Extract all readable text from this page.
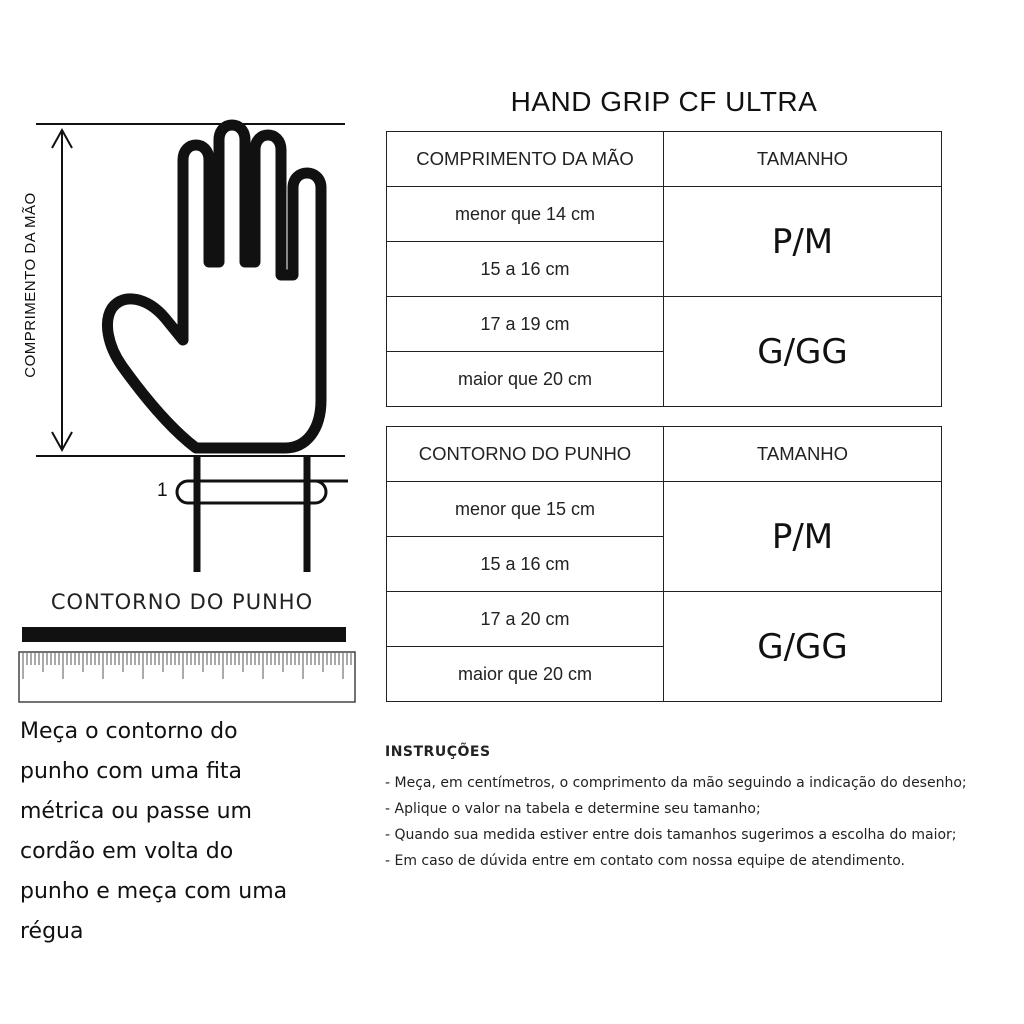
COMPRIMENTO DA MÃO
1
CONTORNO DO PUNHO
Meça o contorno do punho com uma fita métrica ou passe um cordão em volta do punho e meça com uma régua
HAND GRIP CF ULTRA
COMPRIMENTO DA MÃO	TAMANHO
menor que 14 cm	P/M
15 a 16 cm	
17 a 19 cm	G/GG
maior que 20 cm	
CONTORNO DO PUNHO	TAMANHO
menor que 15 cm	P/M
15 a 16 cm	
17 a 20 cm	G/GG
maior que 20 cm	
INSTRUÇÕES
- Meça, em centímetros, o comprimento da mão seguindo a indicação do desenho;
- Aplique o valor na tabela e determine seu tamanho;
- Quando sua medida estiver entre dois tamanhos sugerimos a escolha do maior;
- Em caso de dúvida entre em contato com nossa equipe de atendimento.
